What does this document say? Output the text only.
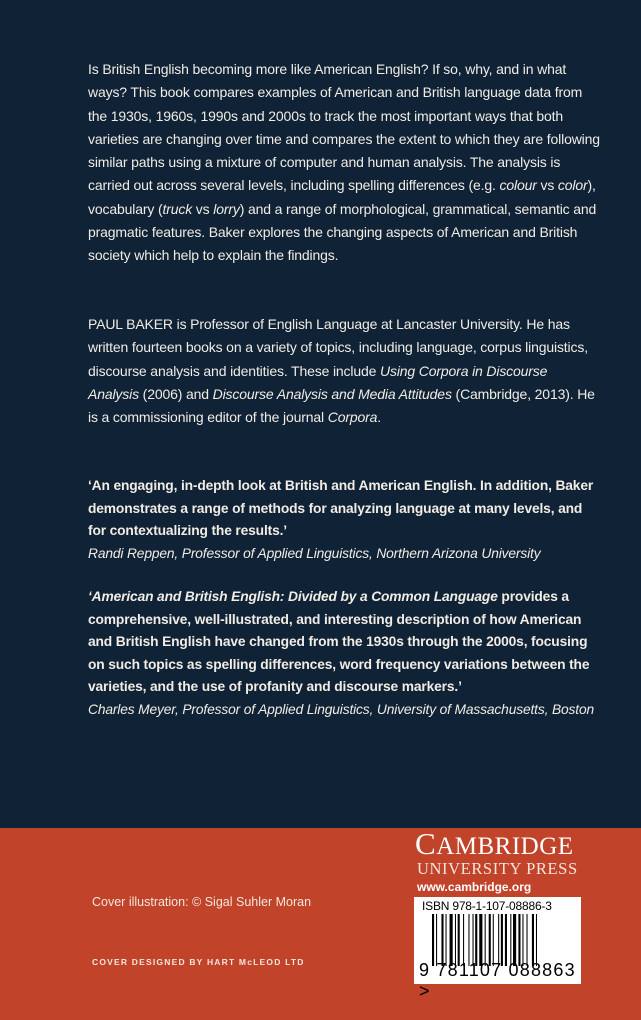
Is British English becoming more like American English? If so, why, and in what ways? This book compares examples of American and British language data from the 1930s, 1960s, 1990s and 2000s to track the most important ways that both varieties are changing over time and compares the extent to which they are following similar paths using a mixture of computer and human analysis. The analysis is carried out across several levels, including spelling differences (e.g. colour vs color), vocabulary (truck vs lorry) and a range of morphological, grammatical, semantic and pragmatic features. Baker explores the changing aspects of American and British society which help to explain the findings.

PAUL BAKER is Professor of English Language at Lancaster University. He has written fourteen books on a variety of topics, including language, corpus linguistics, discourse analysis and identities. These include Using Corpora in Discourse Analysis (2006) and Discourse Analysis and Media Attitudes (Cambridge, 2013). He is a commissioning editor of the journal Corpora.

‘An engaging, in-depth look at British and American English. In addition, Baker demonstrates a range of methods for analyzing language at many levels, and for contextualizing the results.’
Randi Reppen, Professor of Applied Linguistics, Northern Arizona University

‘American and British English: Divided by a Common Language provides a comprehensive, well-illustrated, and interesting description of how American and British English have changed from the 1930s through the 2000s, focusing on such topics as spelling differences, word frequency variations between the varieties, and the use of profanity and discourse markers.’
Charles Meyer, Professor of Applied Linguistics, University of Massachusetts, Boston

Cover illustration: © Sigal Suhler Moran
COVER DESIGNED BY HART McLEOD LTD
CAMBRIDGE
UNIVERSITY PRESS
www.cambridge.org
ISBN 978-1-107-08886-3
9 781107 088863 >
